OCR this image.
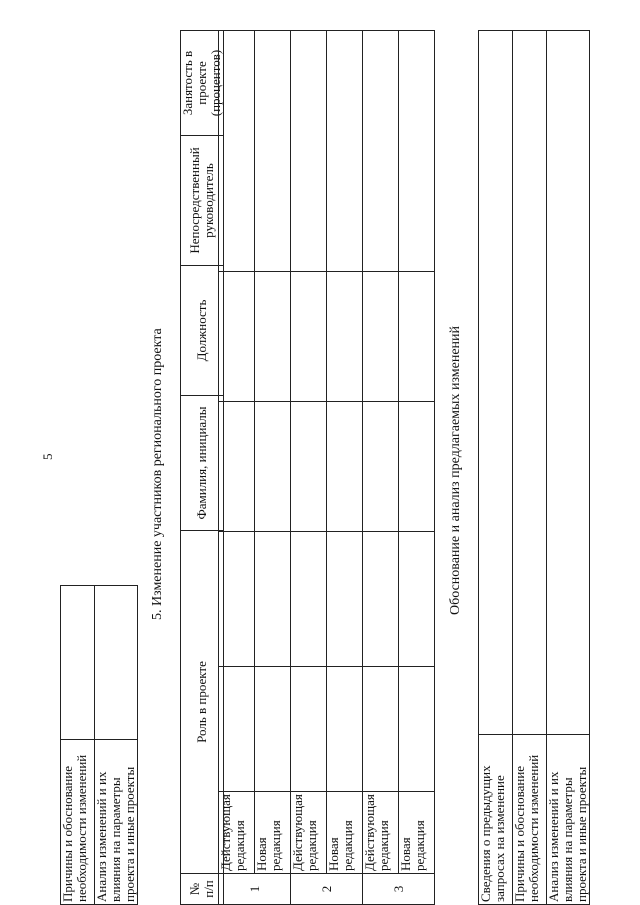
Причины и обоснование необходимости изменений	
Анализ изменений и их влияния на параметры проекта и иные проекты	
5	5. Изменение участников регионального проекта
№ п/п	Роль в проекте	Фамилия, инициалы	Должность	Непосредственный руководитель	Занятость в проекте (процентов)
1	Действующая редакция					
	Новая редакция					
2	Действующая редакция					
	Новая редакция					
3	Действующая редакция					
	Новая редакция					
Обоснование и анализ предлагаемых изменений
Сведения о предыдущих запросах на изменение	
Причины и обоснование необходимости изменений	
Анализ изменений и их влияния на параметры проекта и иные проекты	
